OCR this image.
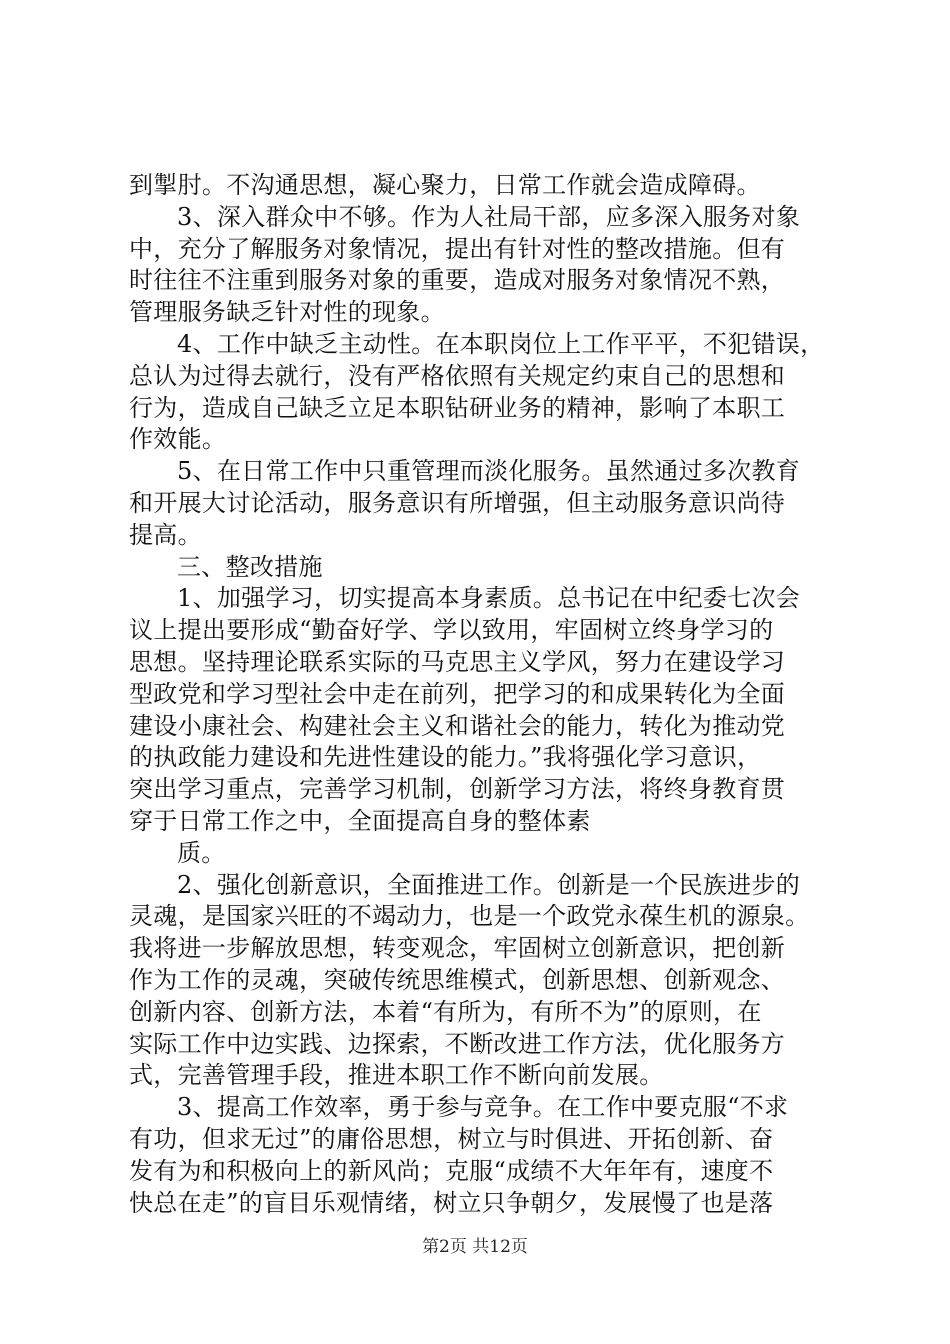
到掣肘。不沟通思想，凝心聚力，日常工作就会造成障碍。
3、深入群众中不够。作为人社局干部，应多深入服务对象
中，充分了解服务对象情况，提出有针对性的整改措施。但有
时往往不注重到服务对象的重要，造成对服务对象情况不熟，
管理服务缺乏针对性的现象。
4、工作中缺乏主动性。在本职岗位上工作平平，不犯错误，
总认为过得去就行，没有严格依照有关规定约束自己的思想和
行为，造成自己缺乏立足本职钻研业务的精神，影响了本职工
作效能。
5、在日常工作中只重管理而淡化服务。虽然通过多次教育
和开展大讨论活动，服务意识有所增强，但主动服务意识尚待
提高。
三、整改措施
1、加强学习，切实提高本身素质。总书记在中纪委七次会
议上提出要形成“勤奋好学、学以致用，牢固树立终身学习的
思想。坚持理论联系实际的马克思主义学风，努力在建设学习
型政党和学习型社会中走在前列，把学习的和成果转化为全面
建设小康社会、构建社会主义和谐社会的能力，转化为推动党
的执政能力建设和先进性建设的能力。”我将强化学习意识，
突出学习重点，完善学习机制，创新学习方法，将终身教育贯
穿于日常工作之中，全面提高自身的整体素
质。
2、强化创新意识，全面推进工作。创新是一个民族进步的
灵魂，是国家兴旺的不竭动力，也是一个政党永葆生机的源泉。
我将进一步解放思想，转变观念，牢固树立创新意识，把创新
作为工作的灵魂，突破传统思维模式，创新思想、创新观念、
创新内容、创新方法，本着“有所为，有所不为”的原则，在
实际工作中边实践、边探索，不断改进工作方法，优化服务方
式，完善管理手段，推进本职工作不断向前发展。
3、提高工作效率，勇于参与竞争。在工作中要克服“不求
有功，但求无过”的庸俗思想，树立与时俱进、开拓创新、奋
发有为和积极向上的新风尚；克服“成绩不大年年有，速度不
快总在走”的盲目乐观情绪，树立只争朝夕，发展慢了也是落
第2页 共12页
